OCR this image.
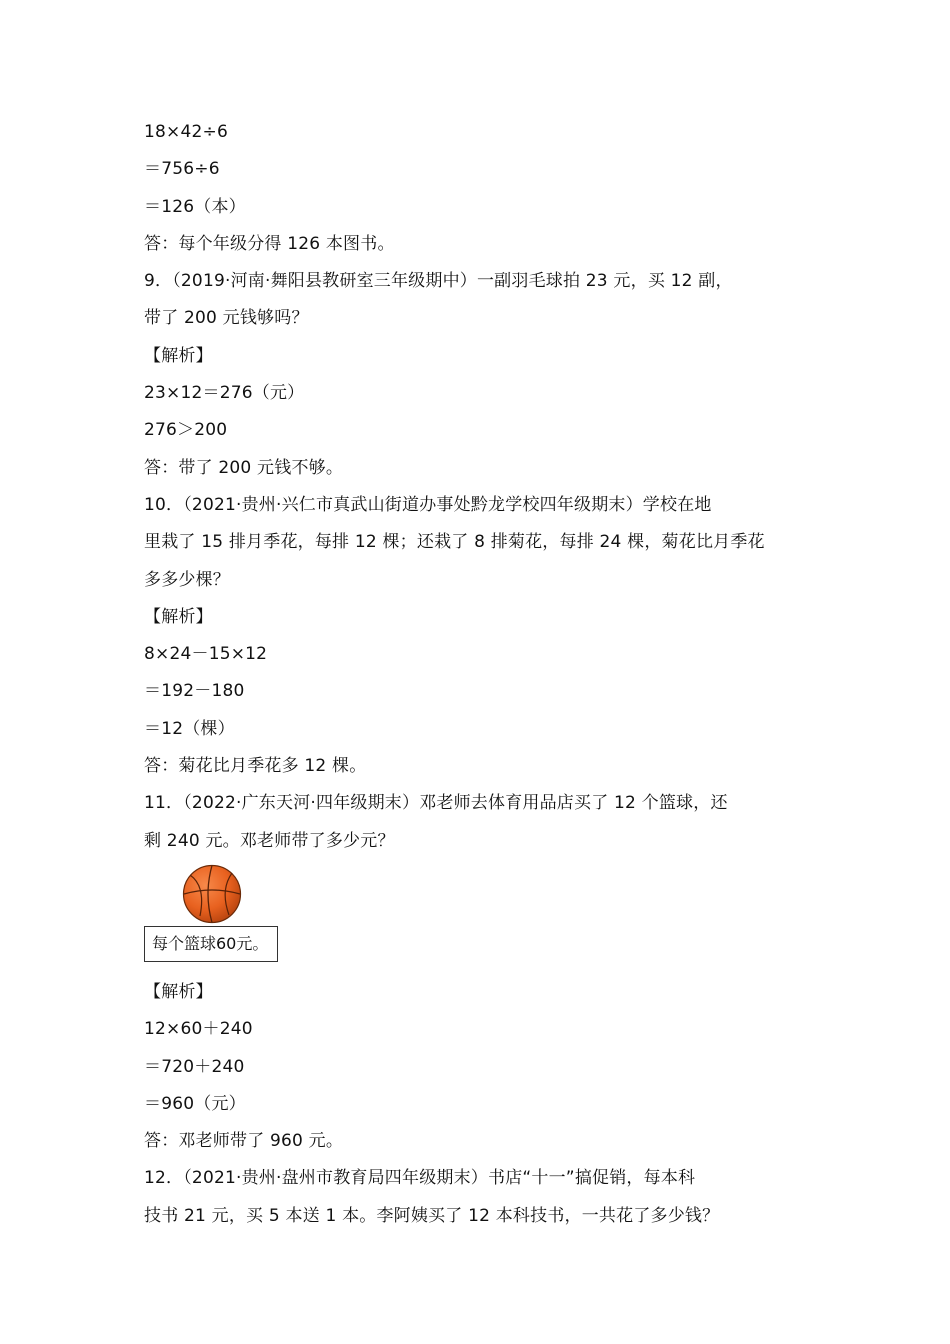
18×42÷6
＝756÷6
＝126（本）
答：每个年级分得 126 本图书。
9．（2019·河南·舞阳县教研室三年级期中）一副羽毛球拍 23 元，买 12 副，
带了 200 元钱够吗？
【解析】
23×12＝276（元）
276＞200
答：带了 200 元钱不够。
10．（2021·贵州·兴仁市真武山街道办事处黔龙学校四年级期末）学校在地
里栽了 15 排月季花，每排 12 棵；还栽了 8 排菊花，每排 24 棵，菊花比月季花
多多少棵？
【解析】
8×24－15×12
＝192－180
＝12（棵）
答：菊花比月季花多 12 棵。
11．（2022·广东天河·四年级期末）邓老师去体育用品店买了 12 个篮球，还
剩 240 元。邓老师带了多少元？
每个篮球60元。
【解析】
12×60＋240
＝720＋240
＝960（元）
答：邓老师带了 960 元。
12．（2021·贵州·盘州市教育局四年级期末）书店“十一”搞促销，每本科
技书 21 元，买 5 本送 1 本。李阿姨买了 12 本科技书，一共花了多少钱？
